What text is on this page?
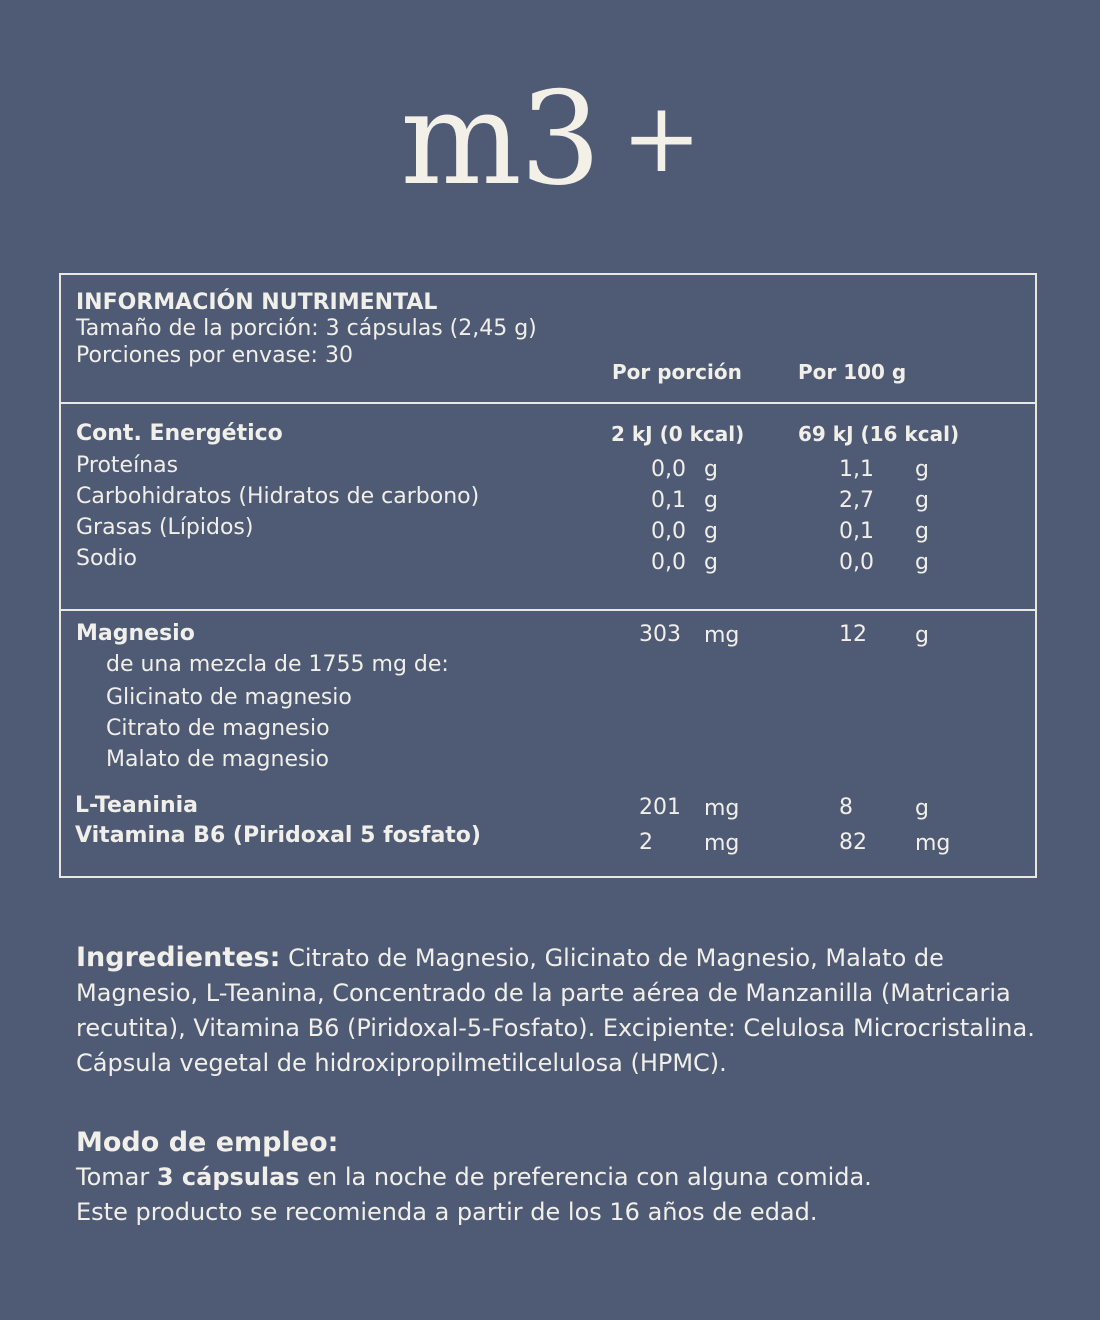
m3 +
INFORMACIÓN NUTRIMENTAL
Tamaño de la porción: 3 cápsulas (2,45 g)
Porciones por envase: 30
Por porción	Por 100 g
Cont. Energético	2 kJ (0 kcal)	69 kJ (16 kcal)
Proteínas	0,0 g	1,1 g
Carbohidratos (Hidratos de carbono)	0,1 g	2,7 g
Grasas (Lípidos)	0,0 g	0,1 g
Sodio	0,0 g	0,0 g
Magnesio	303 mg	12 g
de una mezcla de 1755 mg de:
Glicinato de magnesio
Citrato de magnesio
Malato de magnesio
L-Teaninia	201 mg	8	g
Vitamina B6 (Piridoxal 5 fosfato)	2 mg	82 mg

Ingredientes: Citrato de Magnesio, Glicinato de Magnesio, Malato de Magnesio, L-Teanina, Concentrado de la parte aérea de Manzanilla (Matricaria recutita), Vitamina B6 (Piridoxal-5-Fosfato). Excipiente: Celulosa Microcristalina. Cápsula vegetal de hidroxipropilmetilcelulosa (HPMC).

Modo de empleo:
Tomar 3 cápsulas en la noche de preferencia con alguna comida.
Este producto se recomienda a partir de los 16 años de edad.
